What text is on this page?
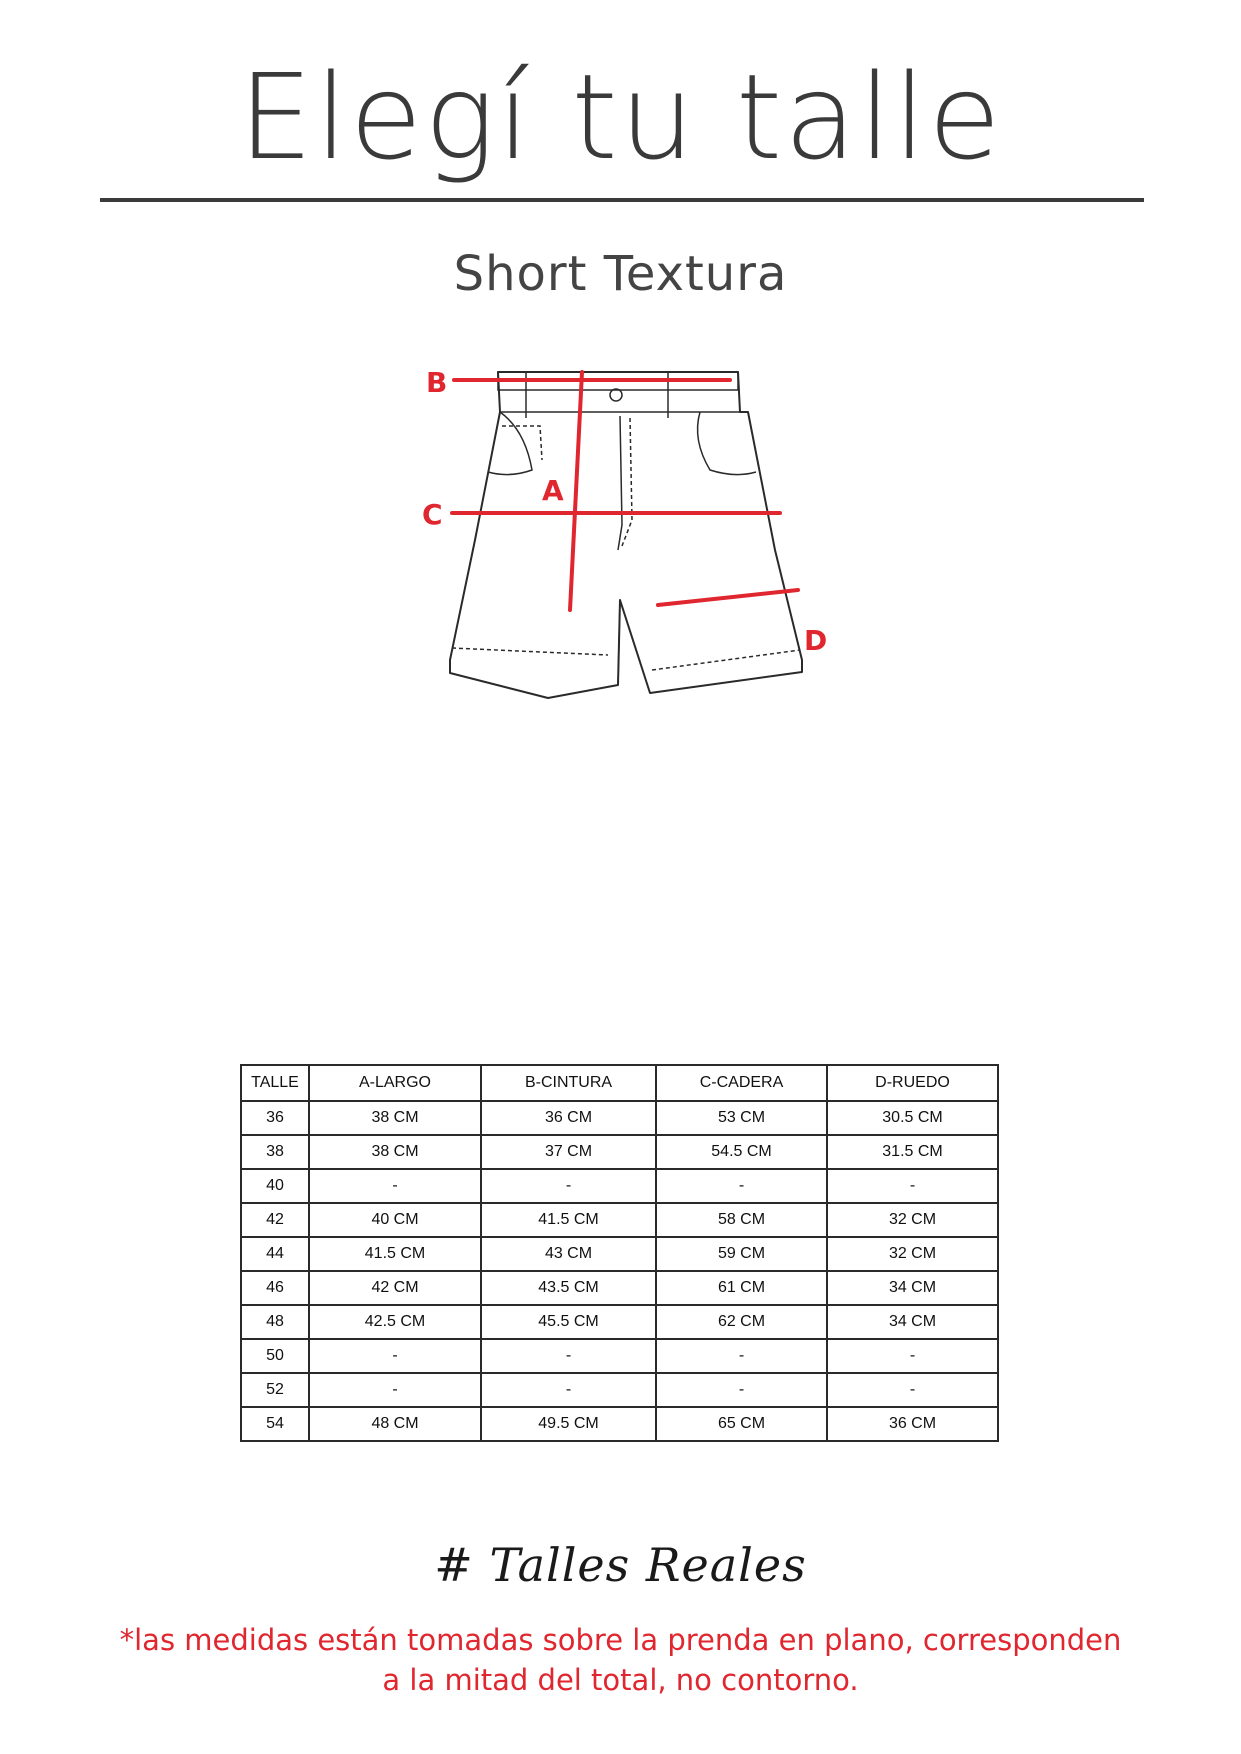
Elegí tu talle
Short Textura
B
A
C
D
TALLE	A-LARGO	B-CINTURA	C-CADERA	D-RUEDO
36	38 CM	36 CM	53 CM	30.5 CM
38	38 CM	37 CM	54.5 CM	31.5 CM
40	-	-	-	-
42	40 CM	41.5 CM	58 CM	32 CM
44	41.5 CM	43 CM	59 CM	32 CM
46	42 CM	43.5 CM	61 CM	34 CM
48	42.5 CM	45.5 CM	62 CM	34 CM
50	-	-	-	-
52	-	-	-	-
54	48 CM	49.5 CM	65 CM	36 CM
# Talles Reales
*las medidas están tomadas sobre la prenda en plano, corresponden
a la mitad del total, no contorno.
